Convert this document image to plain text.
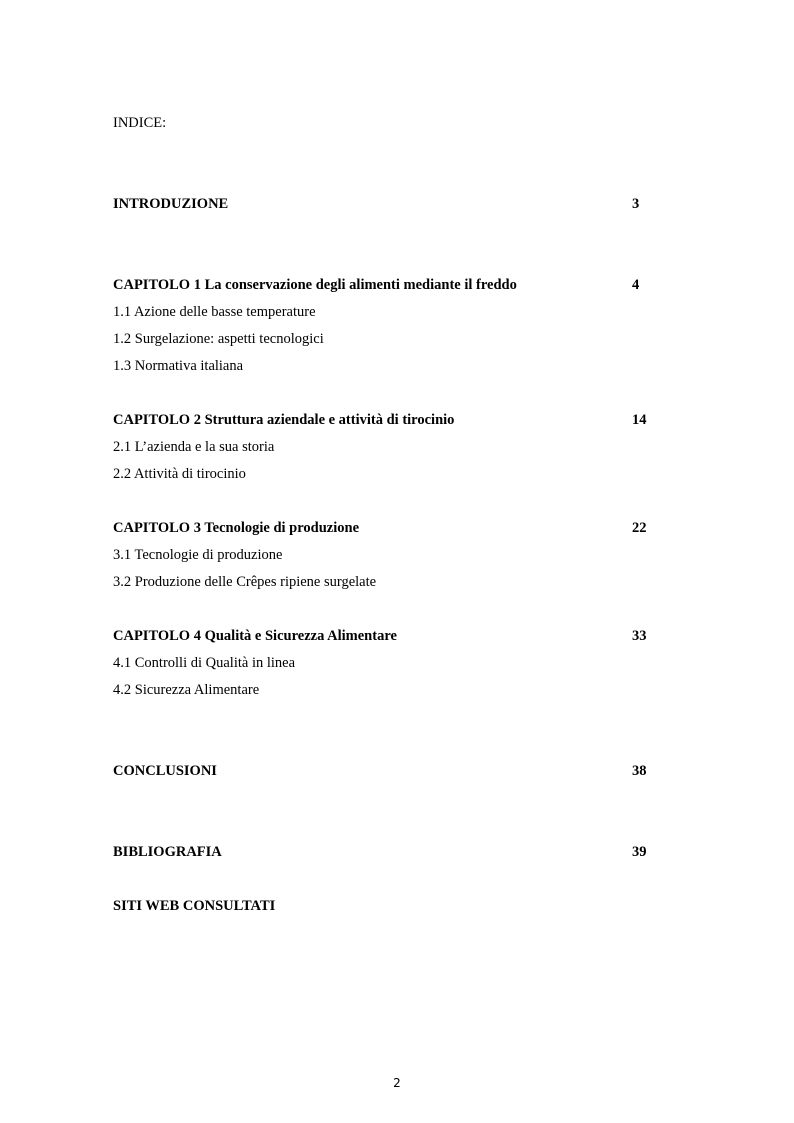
INDICE:
INTRODUZIONE	3
CAPITOLO 1 La conservazione degli alimenti mediante il freddo	4
1.1 Azione delle basse temperature
1.2 Surgelazione: aspetti tecnologici
1.3 Normativa italiana
CAPITOLO 2 Struttura aziendale e attività di tirocinio	14
2.1 L’azienda e la sua storia
2.2 Attività di tirocinio
CAPITOLO 3 Tecnologie di produzione	22
3.1 Tecnologie di produzione
3.2 Produzione delle Crêpes ripiene surgelate
CAPITOLO 4 Qualità e Sicurezza Alimentare	33
4.1 Controlli di Qualità in linea
4.2 Sicurezza Alimentare
CONCLUSIONI	38
BIBLIOGRAFIA	39
SITI WEB CONSULTATI
2
